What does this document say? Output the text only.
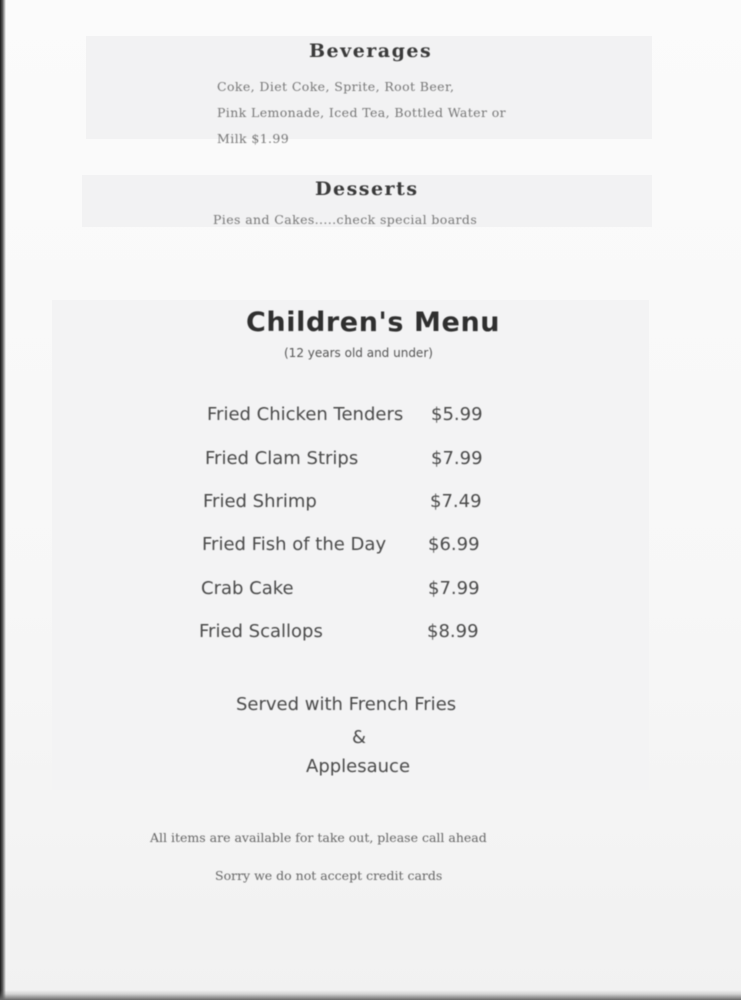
Beverages
Coke, Diet Coke, Sprite, Root Beer,
Pink Lemonade, Iced Tea, Bottled Water or
Milk $1.99
Desserts
Pies and Cakes.....check special boards
Children's Menu
(12 years old and under)
Fried Chicken Tenders $5.99
Fried Clam Strips	$7.99
Fried Shrimp	$7.49
Fried Fish of the Day $6.99
Crab Cake	$7.99
Fried Scallops	$8.99
Served with French Fries
&
Applesauce
All items are available for take out, please call ahead
Sorry we do not accept credit cards
